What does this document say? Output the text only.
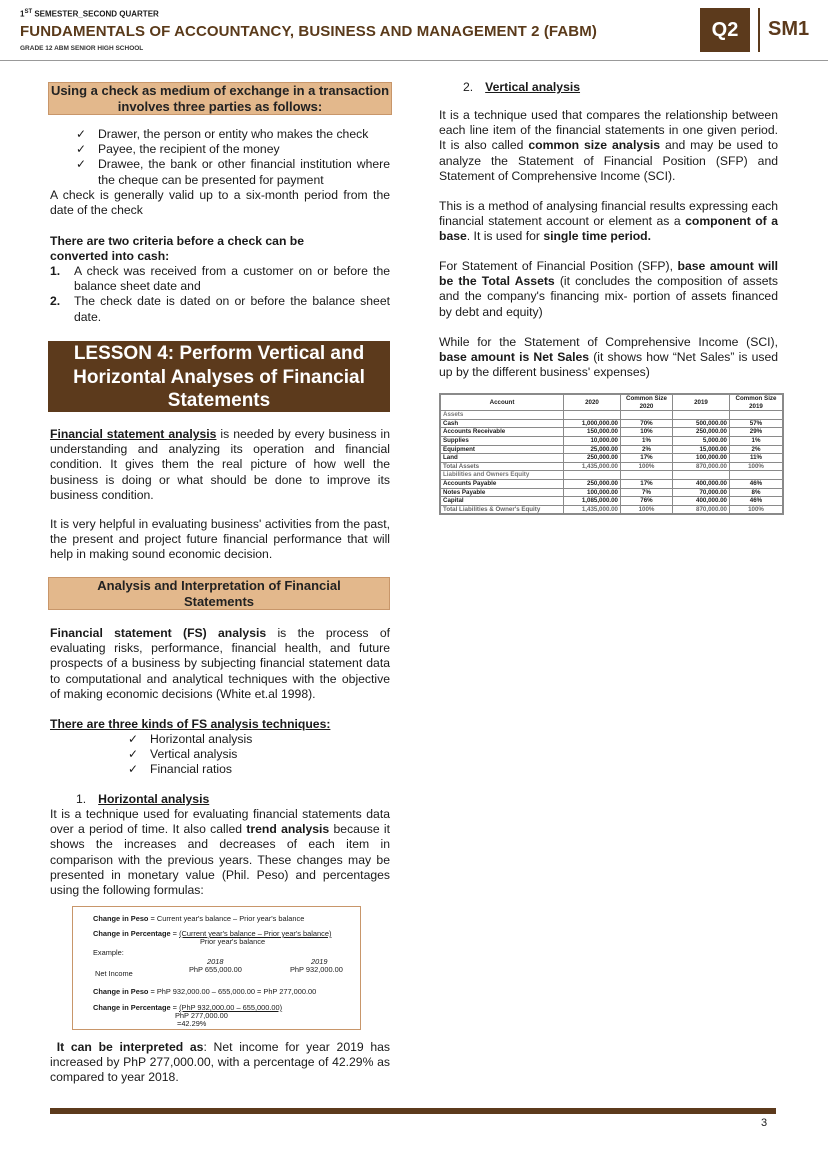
1ST SEMESTER_SECOND QUARTER
FUNDAMENTALS OF ACCOUNTANCY, BUSINESS AND MANAGEMENT 2 (FABM)
GRADE 12 ABM SENIOR HIGH SCHOOL
Q2	SM1
Using a check as medium of exchange in a transaction involves three parties as follows:
✓ Drawer, the person or entity who makes the check
✓ Payee, the recipient of the money
✓ Drawee, the bank or other financial institution where the cheque can be presented for payment

A check is generally valid up to a six-month period from the date of the check

There are two criteria before a check can be converted into cash:

1. A check was received from a customer on or before the balance sheet date and
2. The check date is dated on or before the balance sheet date.
LESSON 4: Perform Vertical and Horizontal Analyses of Financial Statements

Financial statement analysis is needed by every business in understanding and analyzing its operation and financial condition. It gives them the real picture of how well the business is doing or what should be done to improve its business condition.

It is very helpful in evaluating business' activities from the past, the present and project future financial performance that will help in making sound economic decision.

Analysis and Interpretation of Financial Statements

Financial statement (FS) analysis is the process of evaluating risks, performance, financial health, and future prospects of a business by subjecting financial statement data to computational and analytical techniques with the objective of making economic decisions (White et.al 1998).

There are three kinds of FS analysis techniques:

✓ Horizontal analysis
✓ Vertical analysis
✓ Financial ratios

1. Horizontal analysis

It is a technique used for evaluating financial statements data over a period of time. It also called trend analysis because it shows the increases and decreases of each item in comparison with the previous years. These changes may be presented in monetary value (Phil. Peso) and percentages using the following formulas:

Change in Peso = Current year's balance – Prior year's balance
Change in Percentage = (Current year's balance – Prior year's balance)
Prior year's balance
Example:
2018	2019
Net Income	PhP 655,000.00	PhP 932,000.00
Change in Peso = PhP 932,000.00 – 655,000.00 = PhP 277,000.00
Change in Percentage = (PhP 932,000.00 – 655,000.00)
PhP 277,000.00
=42.29%

It can be interpreted as: Net income for year 2019 has increased by PhP 277,000.00, with a percentage of 42.29% as compared to year 2018.

2. Vertical analysis

It is a technique used that compares the relationship between each line item of the financial statements in one given period. It is also called common size analysis and may be used to analyze the Statement of Financial Position (SFP) and Statement of Comprehensive Income (SCI).

This is a method of analysing financial results expressing each financial statement account or element as a component of a base. It is used for single time period.

For Statement of Financial Position (SFP), base amount will be the Total Assets (it concludes the composition of assets and the company's financing mix- portion of assets financed by debt and equity)

While for the Statement of Comprehensive Income (SCI), base amount is Net Sales (it shows how “Net Sales” is used up by the different business' expenses)

Account	2020	Common Size 2020	2019	Common Size 2019
Assets				
Cash	1,000,000.00	70%	500,000.00	57%
Accounts Receivable	150,000.00	10%	250,000.00	29%
Supplies	10,000.00	1%	5,000.00	1%
Equipment	25,000.00	2%	15,000.00	2%
Land	250,000.00	17%	100,000.00	11%
Total Assets	1,435,000.00	100%	870,000.00	100%
Liabilities and Owners Equity				
Accounts Payable	250,000.00	17%	400,000.00	46%
Notes Payable	100,000.00	7%	70,000.00	8%
Capital	1,085,000.00	76%	400,000.00	46%
Total Liabilities & Owner's Equity	1,435,000.00	100%	870,000.00	100%
3
